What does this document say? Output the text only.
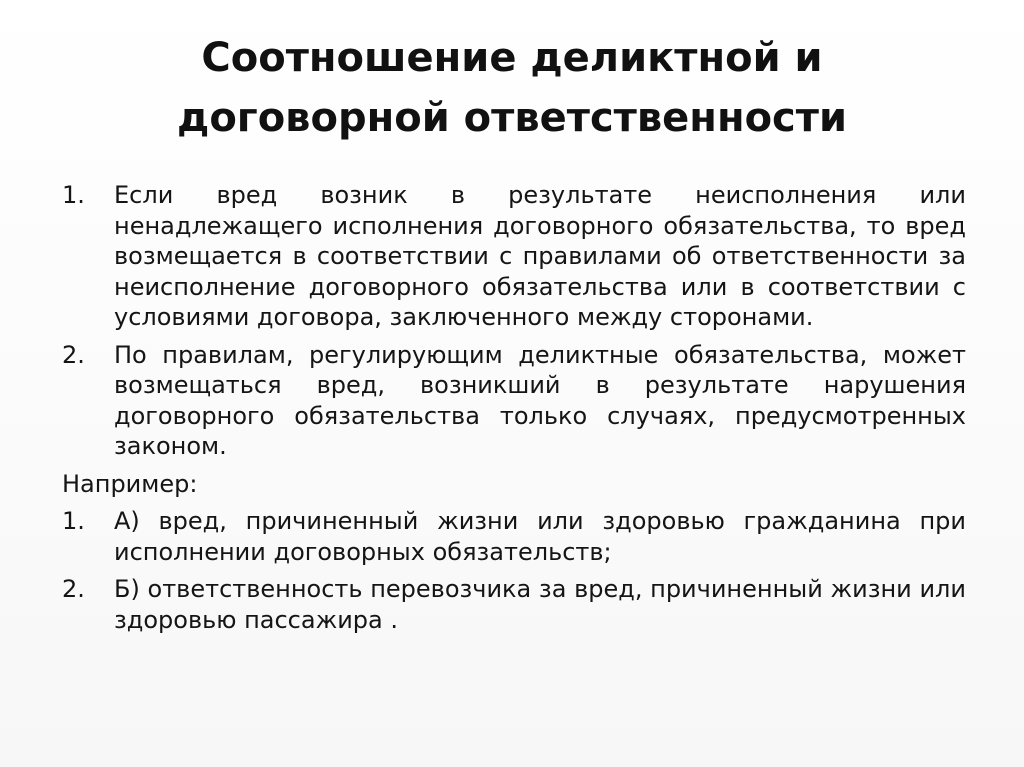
Соотношение деликтной и
договорной ответственности
1.	Если вред возник в результате неисполнения или ненадлежащего исполнения договорного обязательства, то вред возмещается в соответствии с правилами об ответственности за неисполнение договорного обязательства или в соответствии с условиями договора, заключенного между сторонами.
2.	По правилам, регулирующим деликтные обязательства, может возмещаться вред, возникший в результате нарушения договорного обязательства только случаях, предусмотренных законом.
Например:
1.	А) вред, причиненный жизни или здоровью гражданина при исполнении договорных обязательств;
2.	Б) ответственность перевозчика за вред, причиненный жизни или здоровью пассажира .
